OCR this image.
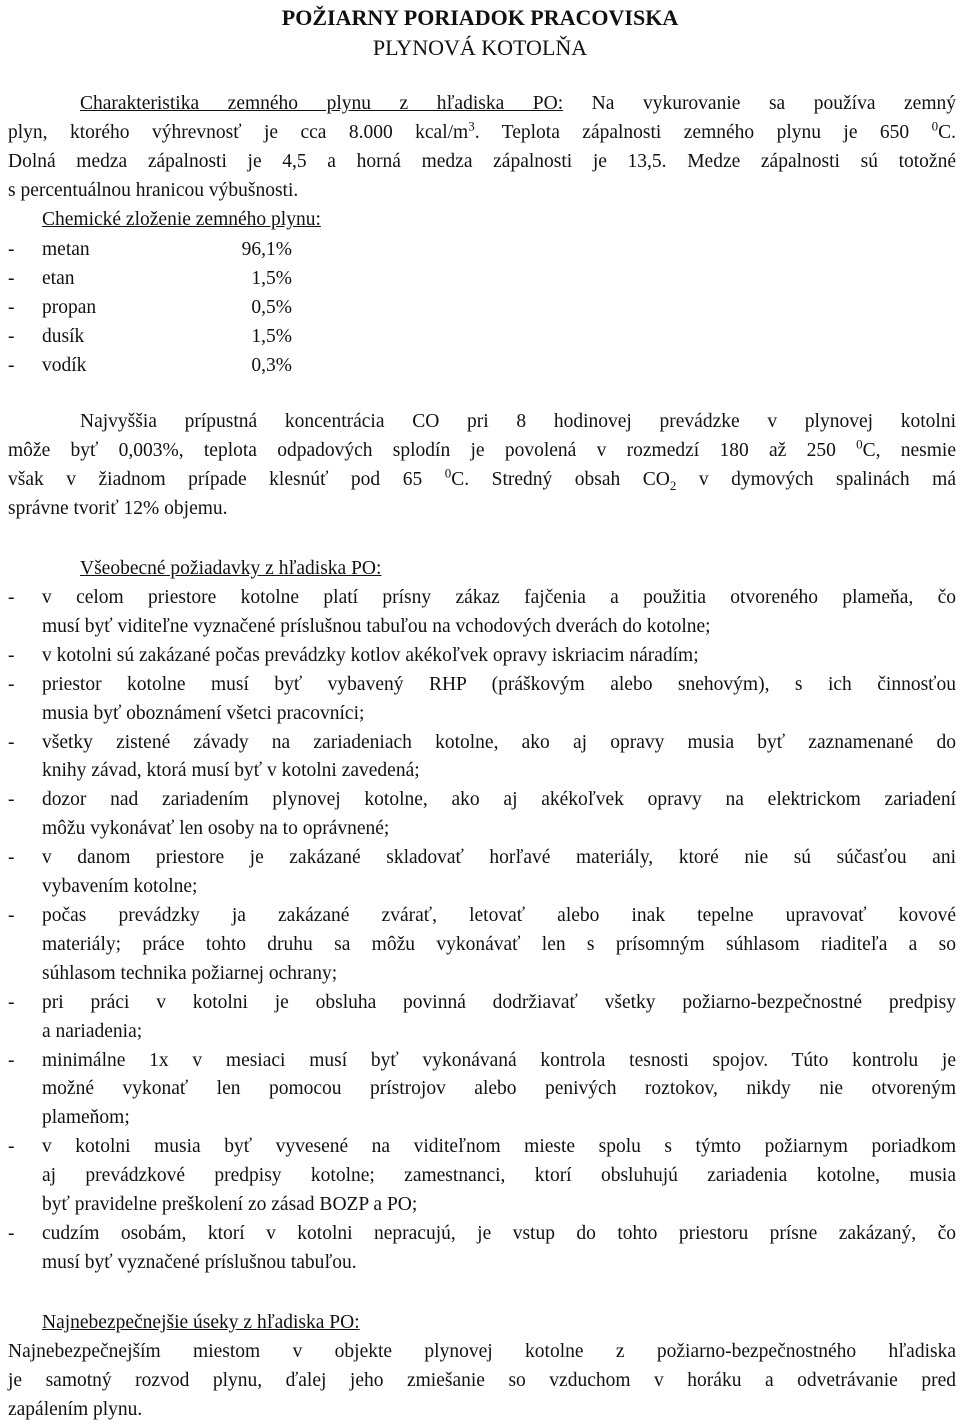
POŽIARNY PORIADOK PRACOVISKA
PLYNOVÁ KOTOLŇA
Charakteristika zemného plynu z hľadiska PO: Na vykurovanie sa používa zemný
plyn, ktorého výhrevnosť je cca 8.000 kcal/$m^3$. Teplota zápalnosti zemného plynu je 650 $^0$C.
Dolná medza zápalnosti je 4,5 a horná medza zápalnosti je 13,5. Medze zápalnosti sú totožné
s percentuálnou hranicou výbušnosti.
Chemické zloženie zemného plynu:
- metan	96,1%
- etan	1,5%
- propan	0,5%
- dusík	1,5%
- vodík	0,3%
Najvyššia prípustná koncentrácia CO pri 8 hodinovej prevádzke v plynovej kotolni
môže byť 0,003%, teplota odpadových splodín je povolená v rozmedzí 180 až 250 $^0$C, nesmie
však v žiadnom prípade klesnúť pod 65 $^0$C. Stredný obsah $CO_2$ v dymových spalinách má
správne tvoriť 12% objemu.
Všeobecné požiadavky z hľadiska PO:
- v celom priestore kotolne platí prísny zákaz fajčenia a použitia otvoreného plameňa, čo
musí byť viditeľne vyznačené príslušnou tabuľou na vchodových dverách do kotolne;
- v kotolni sú zakázané počas prevádzky kotlov akékoľvek opravy iskriacim náradím;
- priestor kotolne musí byť vybavený RHP (práškovým alebo snehovým), s ich činnosťou
musia byť oboznámení všetci pracovníci;
- všetky zistené závady na zariadeniach kotolne, ako aj opravy musia byť zaznamenané do
knihy závad, ktorá musí byť v kotolni zavedená;
- dozor nad zariadením plynovej kotolne, ako aj akékoľvek opravy na elektrickom zariadení
môžu vykonávať len osoby na to oprávnené;
- v danom priestore je zakázané skladovať horľavé materiály, ktoré nie sú súčasťou ani
vybavením kotolne;
- počas prevádzky ja zakázané zvárať, letovať alebo inak tepelne upravovať kovové
materiály; práce tohto druhu sa môžu vykonávať len s prísomným súhlasom riaditeľa a so
súhlasom technika požiarnej ochrany;
- pri práci v kotolni je obsluha povinná dodržiavať všetky požiarno-bezpečnostné predpisy
a nariadenia;
- minimálne 1x v mesiaci musí byť vykonávaná kontrola tesnosti spojov. Túto kontrolu je
možné vykonať len pomocou prístrojov alebo penivých roztokov, nikdy nie otvoreným
plameňom;
- v kotolni musia byť vyvesené na viditeľnom mieste spolu s týmto požiarnym poriadkom
aj prevádzkové predpisy kotolne; zamestnanci, ktorí obsluhujú zariadenia kotolne, musia
byť pravidelne preškolení zo zásad BOZP a PO;
- cudzím osobám, ktorí v kotolni nepracujú, je vstup do tohto priestoru prísne zakázaný, čo
musí byť vyznačené príslušnou tabuľou.
Najnebezpečnejšie úseky z hľadiska PO:
Najnebezpečnejším miestom v objekte plynovej kotolne z požiarno-bezpečnostného hľadiska
je samotný rozvod plynu, ďalej jeho zmiešanie so vzduchom v horáku a odvetrávanie pred
zapálením plynu.
